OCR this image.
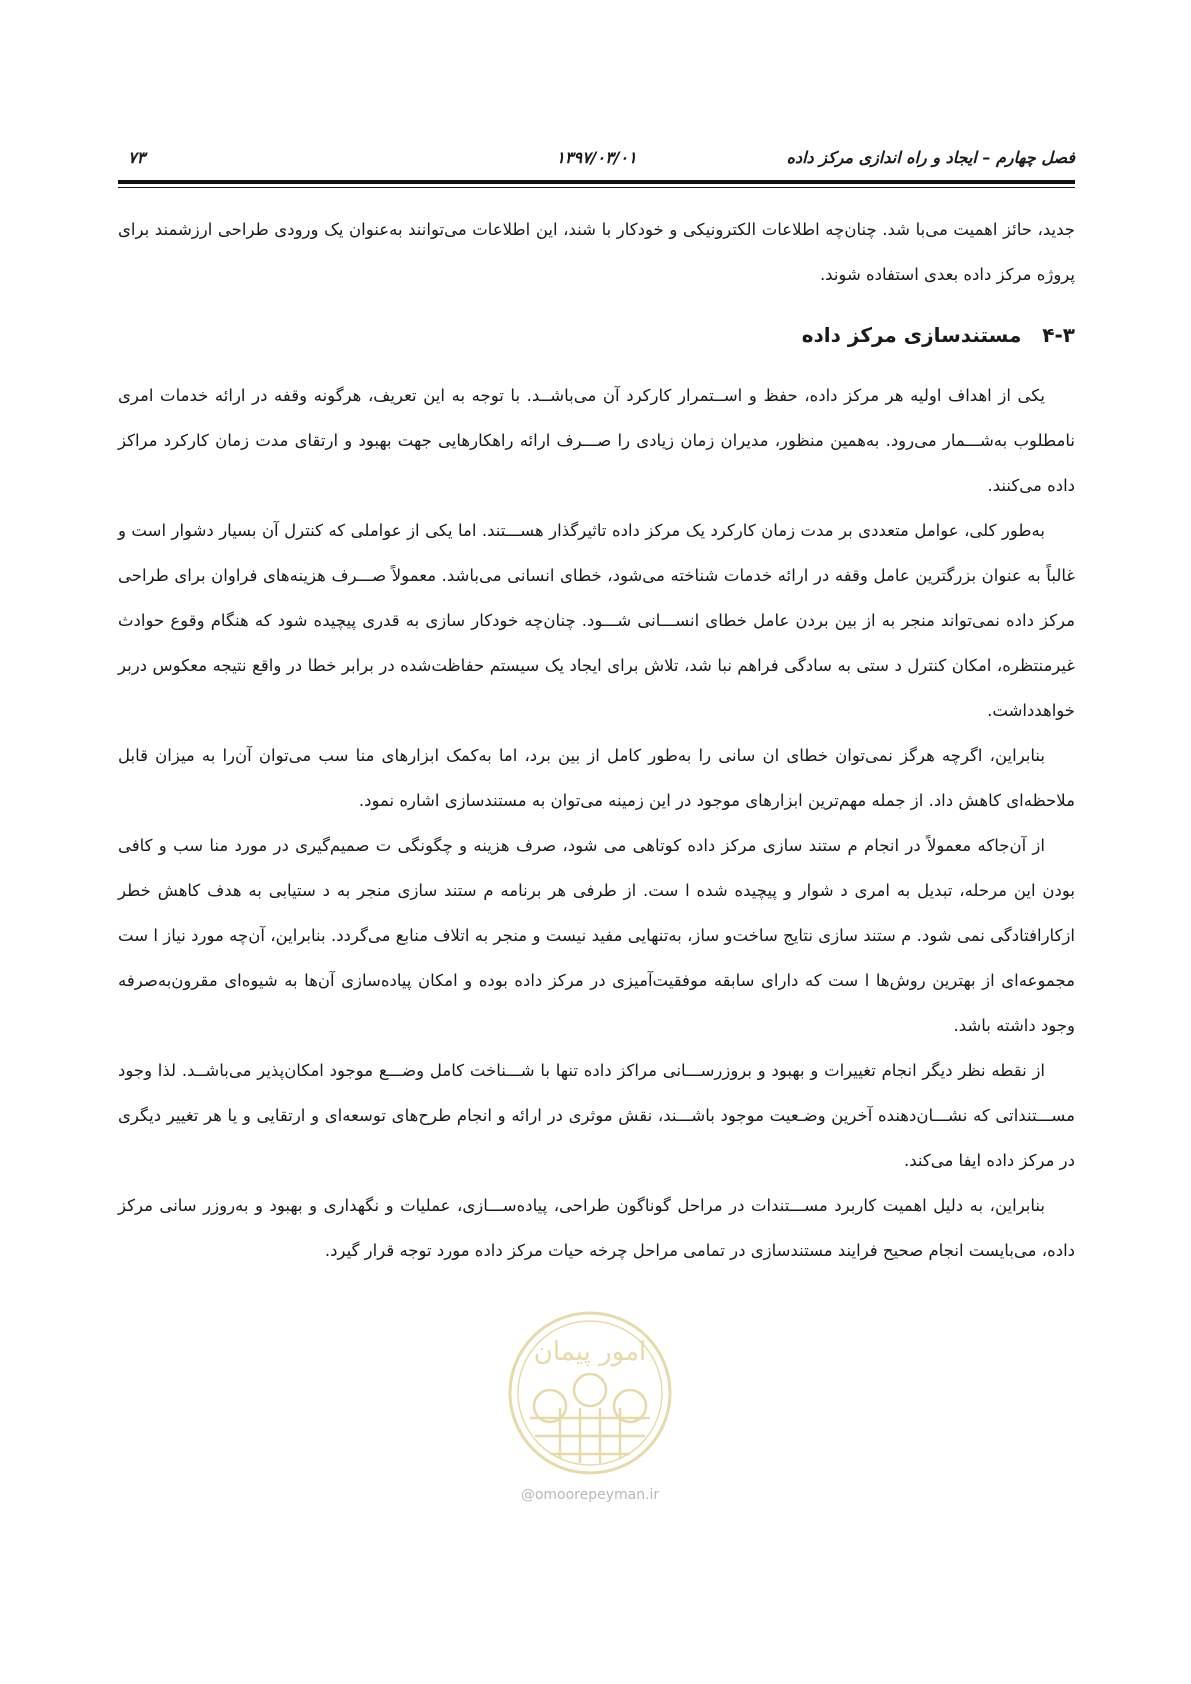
فصل چهارم – ایجاد و راه اندازی مرکز داده
۱۳۹۷/۰۳/۰۱
۷۳

جدید، حائز اهمیت می‌با شد. چنان‌چه اطلاعات الکترونیکی و خودکار با شند، این اطلاعات می‌توانند به‌عنوان یک ورودی طراحی ارزشمند برای پروژه مرکز داده بعدی استفاده شوند.

۴-۳   مستندسازی مرکز داده

یکی از اهداف اولیه هر مرکز داده، حفظ و اســتمرار کارکرد آن می‌باشــد. با توجه به این تعریف، هرگونه وقفه در ارائه خدمات امری نامطلوب به‌شـــمار می‌رود. به‌همین منظور، مدیران زمان زیادی را صـــرف ارائه راهکارهایی جهت بهبود و ارتقای مدت زمان کارکرد مراکز داده می‌کنند.

به‌طور کلی، عوامل متعددی بر مدت زمان کارکرد یک مرکز داده تاثیرگذار هســـتند. اما یکی از عواملی که کنترل آن بسیار دشوار است و غالباً به عنوان بزرگترین عامل وقفه در ارائه خدمات شناخته می‌شود، خطای انسانی می‌باشد. معمولاً صـــرف هزینه‌های فراوان برای طراحی مرکز داده نمی‌تواند منجر به از بین بردن عامل خطای انســـانی شـــود. چنان‌چه خودکار سازی به قدری پیچیده شود که هنگام وقوع حوادث غیرمنتظره، امکان کنترل د ستی به سادگی فراهم نبا شد، تلاش برای ایجاد یک سیستم حفاظت‌شده در برابر خطا در واقع نتیجه معکوس دربر خواهدداشت.

بنابراین، اگرچه هرگز نمی‌توان خطای ان سانی را به‌طور کامل از بین برد، اما به‌کمک ابزارهای منا سب می‌توان آن‌را به میزان قابل ملاحظه‌ای کاهش داد. از جمله مهم‌ترین ابزارهای موجود در این زمینه می‌توان به مستندسازی اشاره نمود.

از آن‌جاکه معمولاً در انجام م ستند سازی مرکز داده کوتاهی می شود، صرف هزینه و چگونگی ت صمیم‌گیری در مورد منا سب و کافی بودن این مرحله، تبدیل به امری د شوار و پیچیده شده ا ست. از طرفی هر برنامه م ستند سازی منجر به د ستیابی به هدف کاهش خطر ازکارافتادگی نمی شود. م ستند سازی نتایج ساخت‌و ساز، به‌تنهایی مفید نیست و منجر به اتلاف منابع می‌گردد. بنابراین، آن‌چه مورد نیاز ا ست مجموعه‌ای از بهترین روش‌ها ا ست که دارای سابقه موفقیت‌آمیزی در مرکز داده بوده و امکان پیاده‌سازی آن‌ها به شیوه‌ای مقرون‌به‌صرفه وجود داشته باشد.

از نقطه نظر دیگر انجام تغییرات و بهبود و بروزرســـانی مراکز داده تنها با شـــناخت کامل وضـــع موجود امکان‌پذیر می‌باشــد. لذا وجود مســـتنداتی که نشـــان‌دهنده آخرین وضـعیت موجود باشـــند، نقش موثری در ارائه و انجام طرح‌های توسعه‌ای و ارتقایی و یا هر تغییر دیگری در مرکز داده ایفا می‌کند.

بنابراین، به دلیل اهمیت کاربرد مســـتندات در مراحل گوناگون طراحی، پیاده‌ســـازی، عملیات و نگهداری و بهبود و به‌روزر سانی مرکز داده، می‌بایست انجام صحیح فرایند مستندسازی در تمامی مراحل چرخه حیات مرکز داده مورد توجه قرار گیرد.

امور پیمان
@omoorepeyman.ir
